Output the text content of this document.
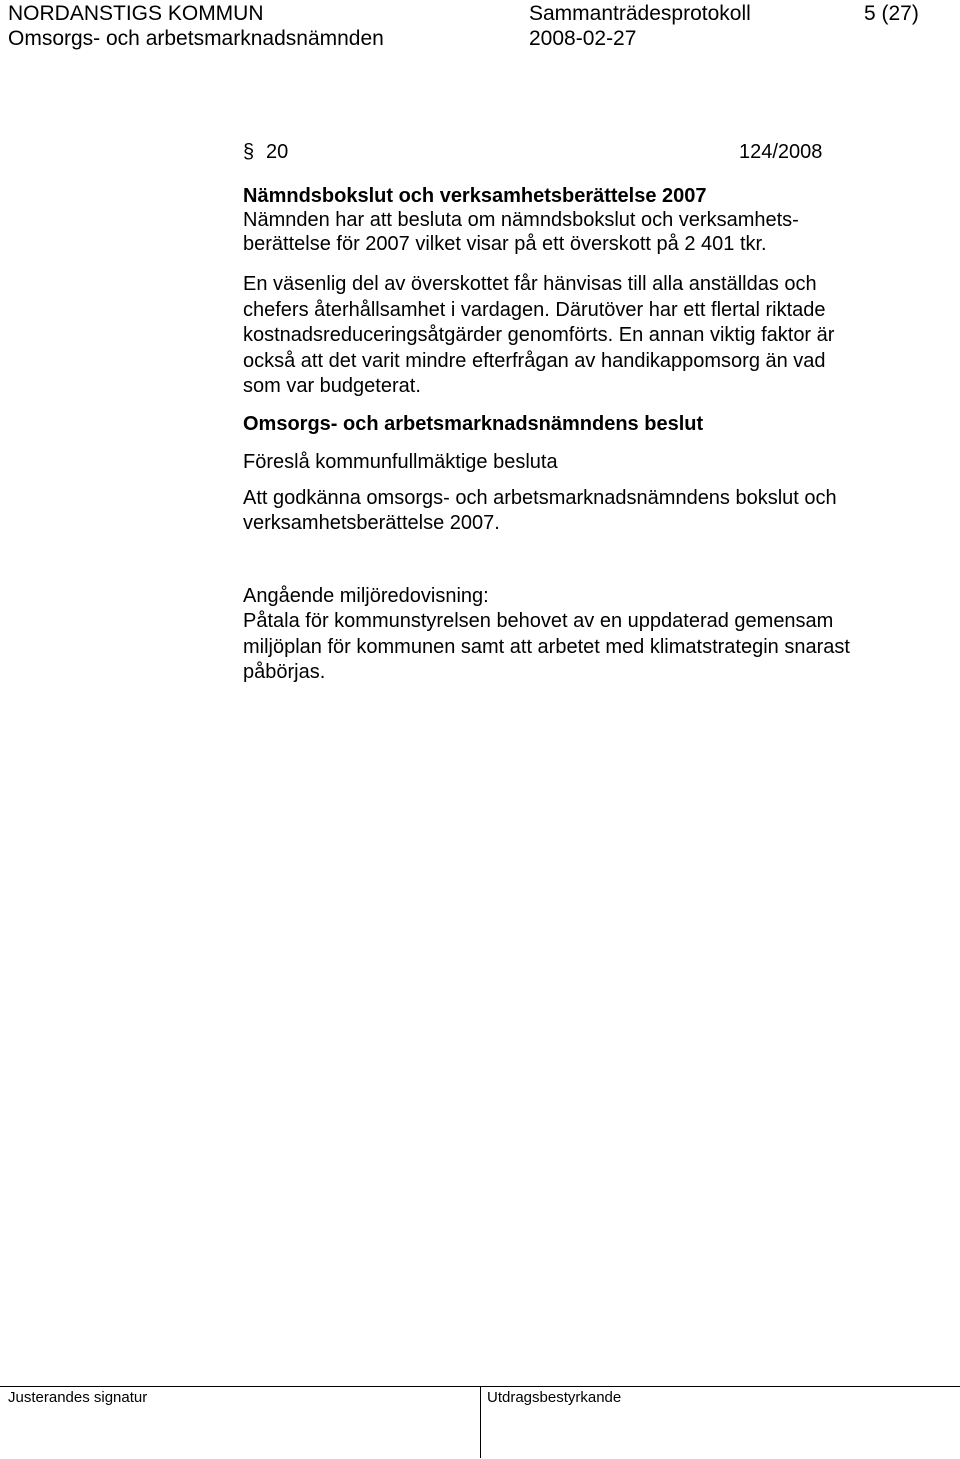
NORDANSTIGS KOMMUN	Sammanträdesprotokoll	5 (27)
Omsorgs- och arbetsmarknadsnämnden	2008-02-27
§ 20	124/2008
Nämndsbokslut och verksamhetsberättelse 2007
Nämnden har att besluta om nämndsbokslut och verksamhets-
berättelse för 2007 vilket visar på ett överskott på 2 401 tkr.
En väsenlig del av överskottet får hänvisas till alla anställdas och
chefers återhållsamhet i vardagen. Därutöver har ett flertal riktade
kostnadsreduceringsåtgärder genomförts. En annan viktig faktor är
också att det varit mindre efterfrågan av handikappomsorg än vad
som var budgeterat.
Omsorgs- och arbetsmarknadsnämndens beslut
Föreslå kommunfullmäktige besluta
Att godkänna omsorgs- och arbetsmarknadsnämndens bokslut och
verksamhetsberättelse 2007.
Angående miljöredovisning:
Påtala för kommunstyrelsen behovet av en uppdaterad gemensam
miljöplan för kommunen samt att arbetet med klimatstrategin snarast
påbörjas.
Justerandes signatur	Utdragsbestyrkande
